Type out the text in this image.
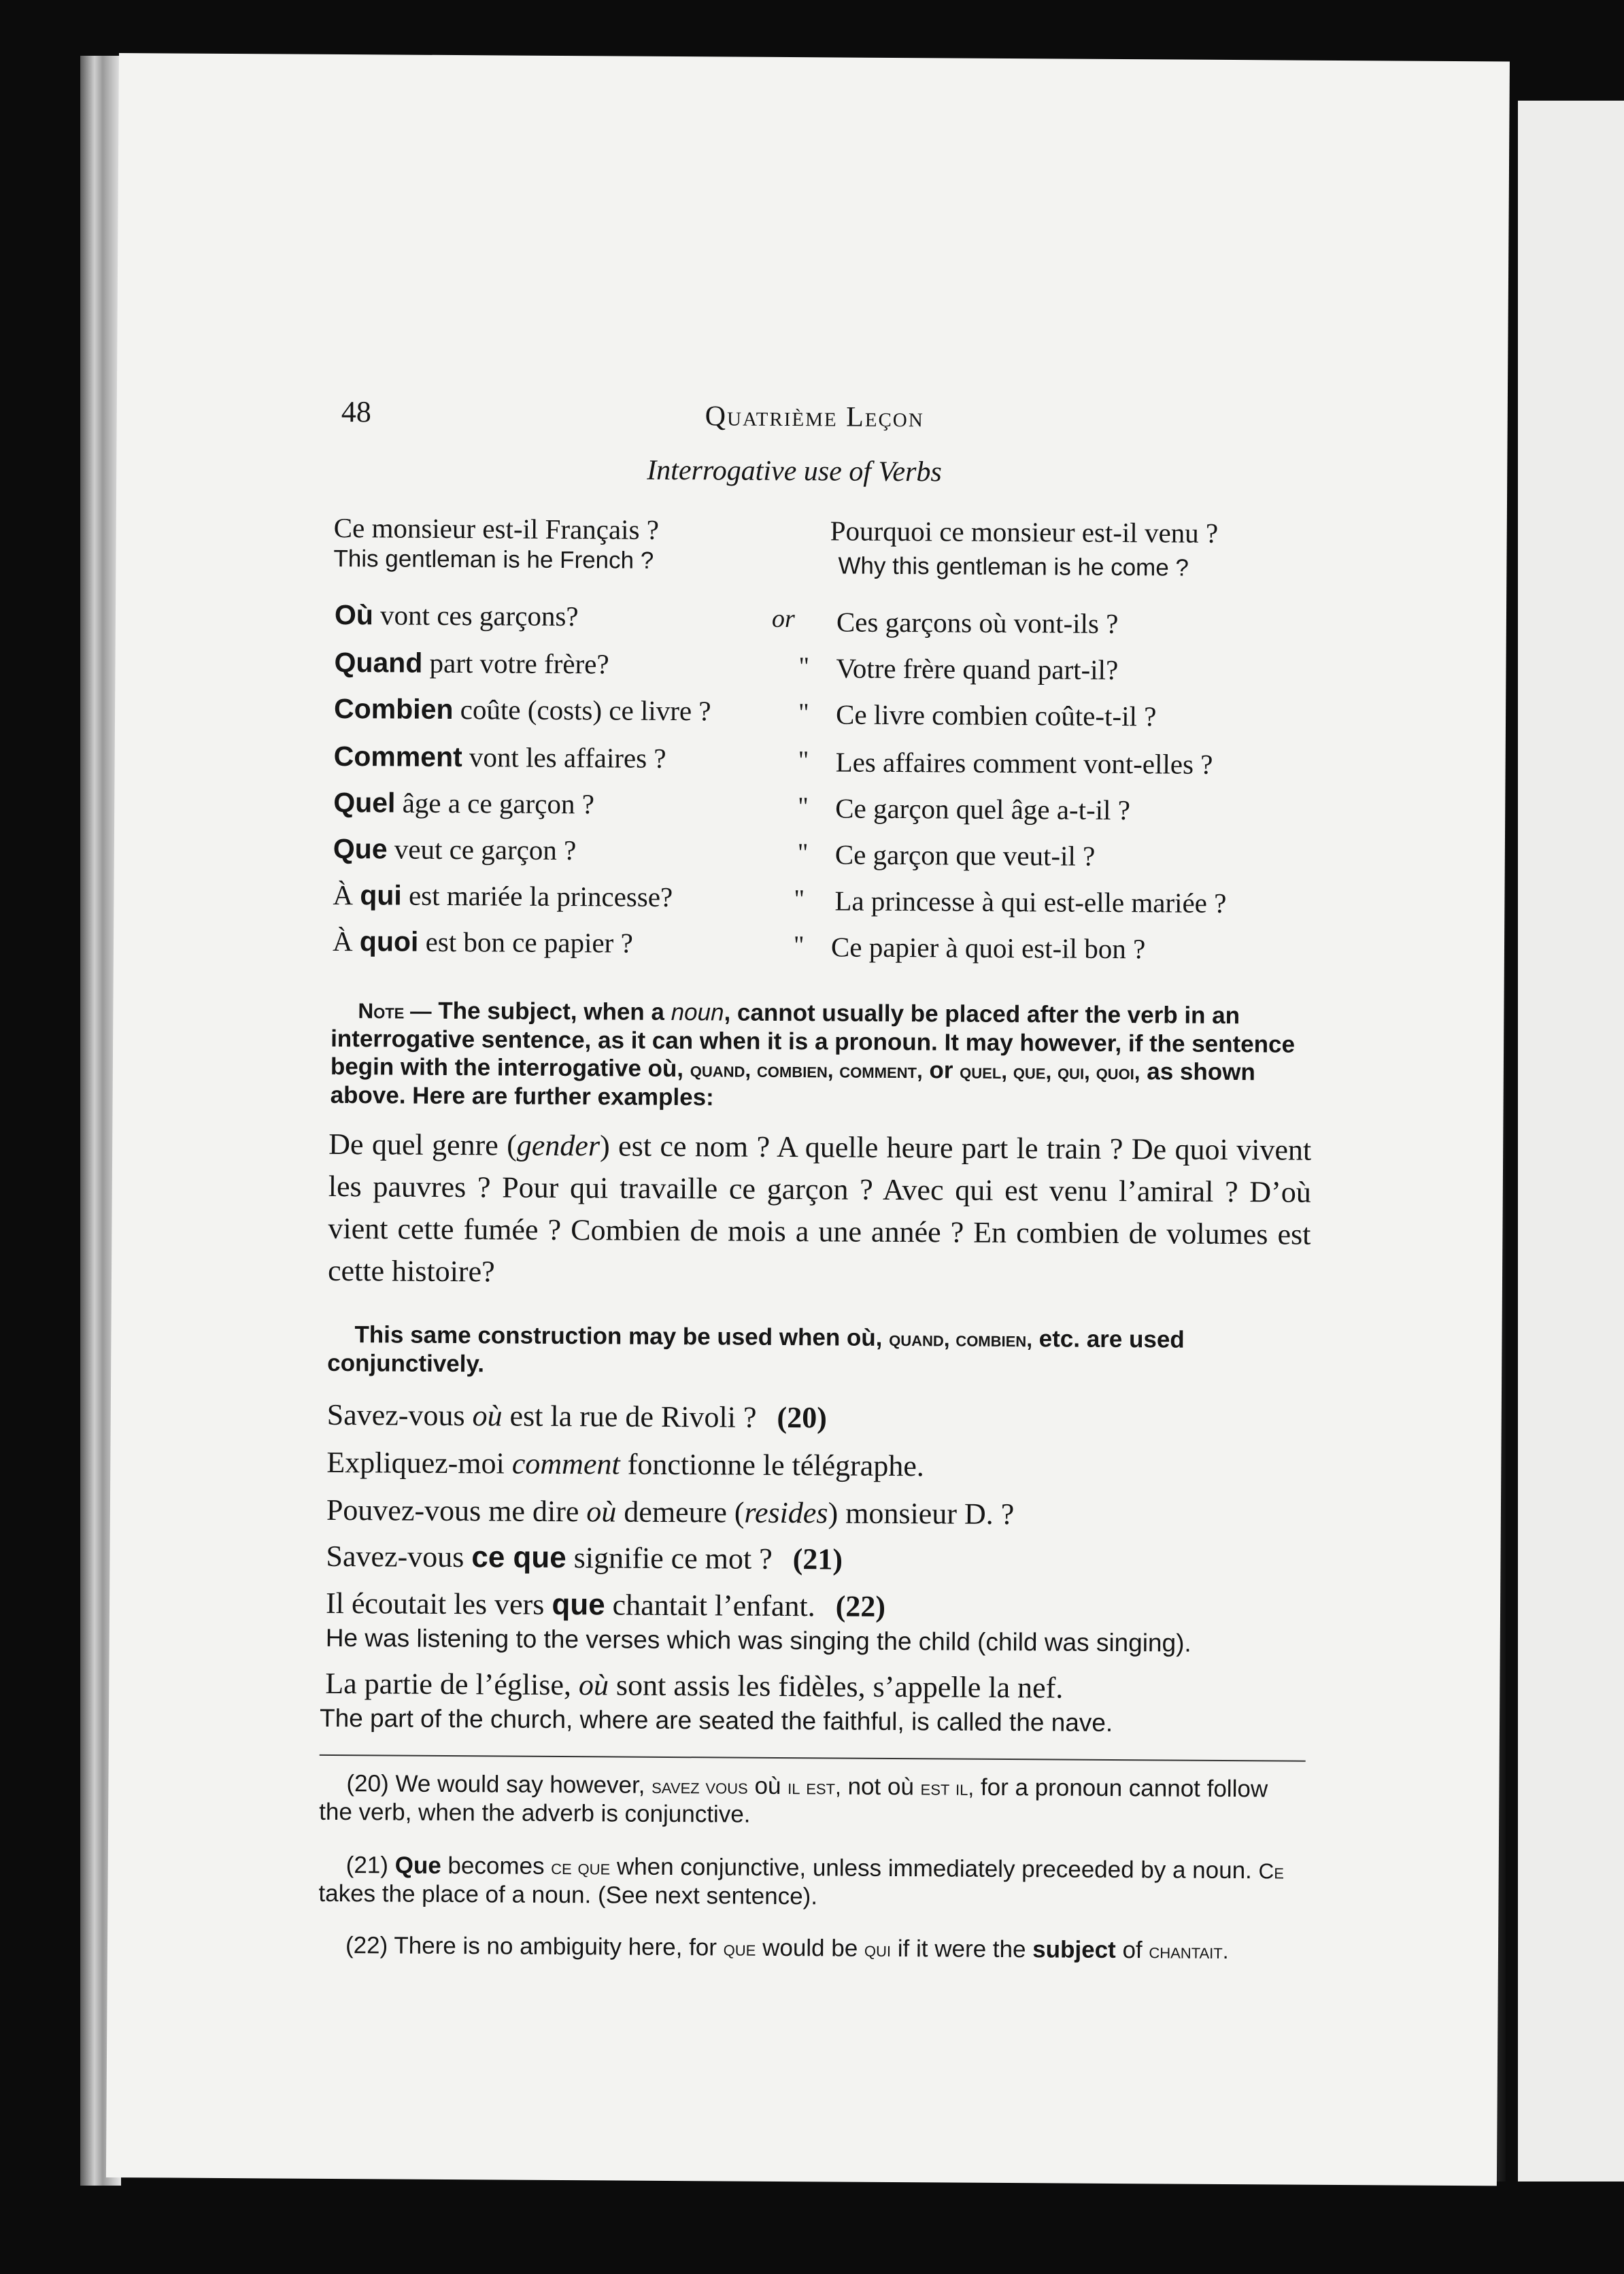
48	Quatrième Leçon
Interrogative use of Verbs
Ce monsieur est-il Français ?
This gentleman is he French ?
Pourquoi ce monsieur est-il venu ?
Why this gentleman is he come ?
Où vont ces garçons?	or Ces garçons où vont-ils ?
Quand part votre frère?	" Votre frère quand part-il?
Combien coûte (costs) ce livre ?	" Ce livre combien coûte-t-il ?
Comment vont les affaires ?	" Les affaires comment vont-elles ?
Quel âge a ce garçon ?	" Ce garçon quel âge a-t-il ?
Que veut ce garçon ?	" Ce garçon que veut-il ?
À qui est mariée la princesse?	" La princesse à qui est-elle mariée ?
À quoi est bon ce papier ?	" Ce papier à quoi est-il bon ?
Note — The subject, when a noun, cannot usually be placed after the verb in an interrogative sentence, as it can when it is a pronoun. It may however, if the sentence begin with the interrogative où, quand, combien, comment, or quel, que, qui, quoi, as shown above. Here are further examples:
De quel genre (gender) est ce nom ? A quelle heure part le train ? De quoi vivent les pauvres ? Pour qui travaille ce garçon ? Avec qui est venu l’amiral ? D’où vient cette fumée ? Combien de mois a une année ? En combien de volumes est cette histoire?
This same construction may be used when où, quand, combien, etc. are used conjunctively.
Savez-vous où est la rue de Rivoli ? (20)
Expliquez-moi comment fonctionne le télégraphe.
Pouvez-vous me dire où demeure (resides) monsieur D. ?
Savez-vous ce que signifie ce mot ? (21)
Il écoutait les vers que chantait l’enfant. (22)
He was listening to the verses which was singing the child (child was singing).
La partie de l’église, où sont assis les fidèles, s’appelle la nef.
The part of the church, where are seated the faithful, is called the nave.
(20) We would say however, savez vous où il est, not où est il, for a pronoun cannot follow the verb, when the adverb is conjunctive.
(21) Que becomes ce que when conjunctive, unless immediately preceeded by a noun. Ce takes the place of a noun. (See next sentence).
(22) There is no ambiguity here, for que would be qui if it were the subject of chantait.
